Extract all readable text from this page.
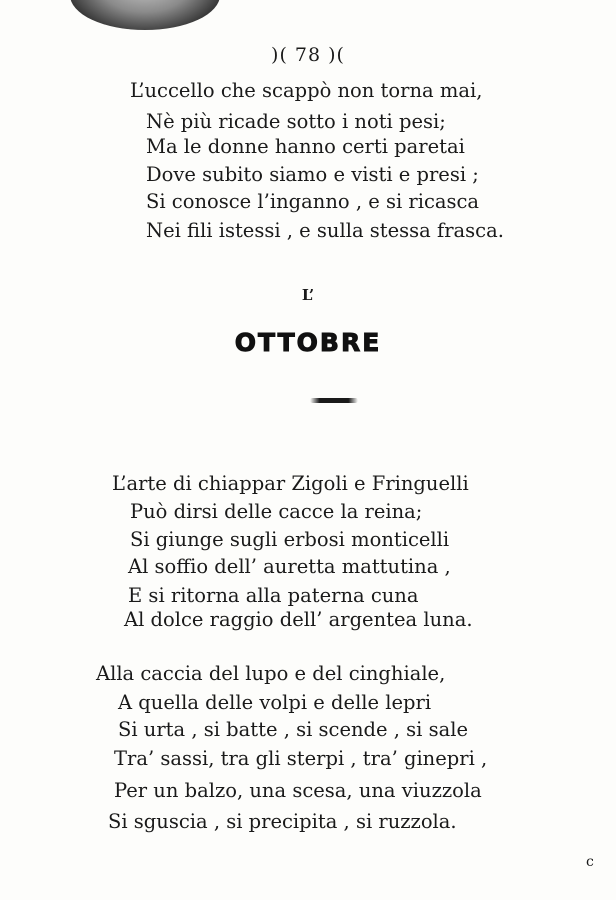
)( 78 )(
L’uccello che scappò non torna mai,
Nè più ricade sotto i noti pesi;
Ma le donne hanno certi paretai
Dove subito siamo e visti e presi ;
Si conosce l’inganno , e si ricasca
Nei fili istessi , e sulla stessa frasca.
L’
OTTOBRE
L’arte di chiappar Zigoli e Fringuelli
Può dirsi delle cacce la reina;
Si giunge sugli erbosi monticelli
Al soffio dell’ auretta mattutina ,
E si ritorna alla paterna cuna
Al dolce raggio dell’ argentea luna.
Alla caccia del lupo e del cinghiale,
A quella delle volpi e delle lepri
Si urta , si batte , si scende , si sale
Tra’ sassi, tra gli sterpi , tra’ ginepri ,
Per un balzo, una scesa, una viuzzola
Si sguscia , si precipita , si ruzzola.
c
